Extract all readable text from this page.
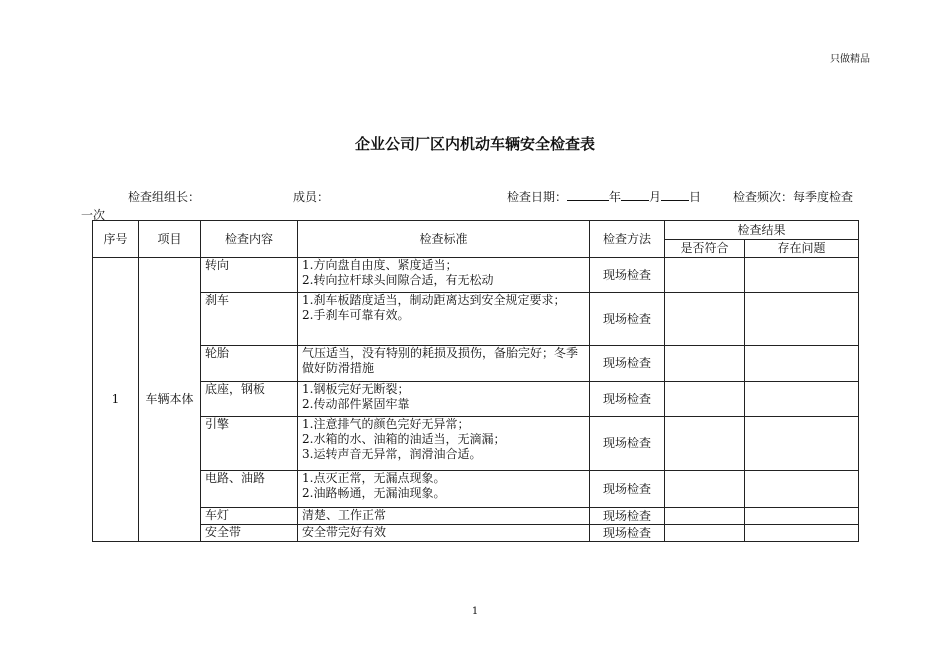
只做精品
企业公司厂区内机动车辆安全检查表
检查组组长：	成员：	检查日期：	年 月 日	检查频次：每季度检查
一次
序号	项目	检查内容	检查标准	检查方法	检查结果	
					是否符合	存在问题
1	车辆本体	转向	1.方向盘自由度、紧度适当；
2.转向拉杆球头间隙合适，有无松动	现场检查		
		刹车	1.刹车板踏度适当，制动距离达到安全规定要求；
2.手刹车可靠有效。	现场检查		
		轮胎	气压适当，没有特别的耗损及损伤，备胎完好；冬季做好防滑措施	现场检查		
		底座，钢板	1.钢板完好无断裂；
2.传动部件紧固牢靠	现场检查		
		引擎	1.注意排气的颜色完好无异常；
2.水箱的水、油箱的油适当，无滴漏；
3.运转声音无异常，润滑油合适。	现场检查		
		电路、油路	1.点灭正常，无漏点现象。
2.油路畅通，无漏油现象。	现场检查		
		车灯	清楚、工作正常	现场检查		
		安全带	安全带完好有效	现场检查		
1
